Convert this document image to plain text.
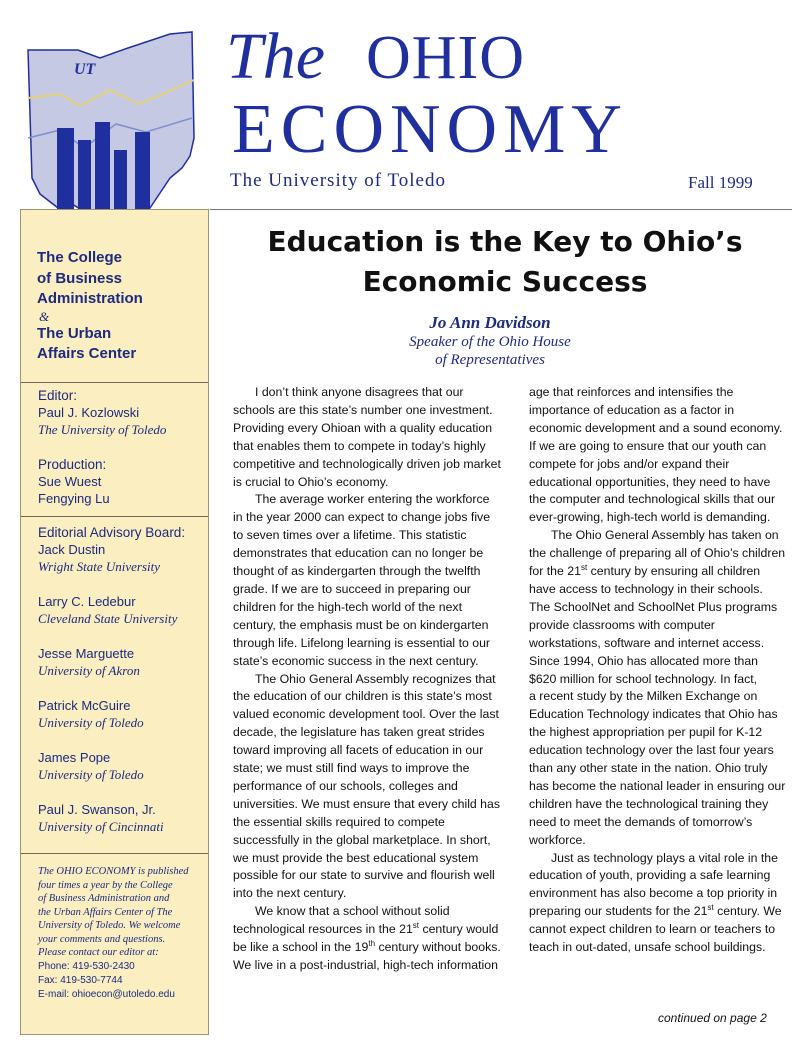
UT The OHIO
ECONOMY
The University of Toledo	Fall 1999
The College
of Business
Administration
&
The Urban
Affairs Center
Editor:
Paul J. Kozlowski
The University of Toledo
Production:
Sue Wuest
Fengying Lu
Editorial Advisory Board:
Jack Dustin
Wright State University
Larry C. Ledebur
Cleveland State University
Jesse Marguette
University of Akron
Patrick McGuire
University of Toledo
James Pope
University of Toledo
Paul J. Swanson, Jr.
University of Cincinnati
The OHIO ECONOMY is published
four times a year by the College
of Business Administration and
the Urban Affairs Center of The
University of Toledo. We welcome
your comments and questions.
Please contact our editor at:
Phone: 419-530-2430
Fax: 419-530-7744
E-mail: ohioecon@utoledo.edu
Education is the Key to Ohio’s
Economic Success
Jo Ann Davidson
Speaker of the Ohio House
of Representatives
I don’t think anyone disagrees that our
schools are this state’s number one investment.
Providing every Ohioan with a quality education
that enables them to compete in today’s highly
competitive and technologically driven job market
is crucial to Ohio’s economy.
The average worker entering the workforce
in the year 2000 can expect to change jobs five
to seven times over a lifetime. This statistic
demonstrates that education can no longer be
thought of as kindergarten through the twelfth
grade. If we are to succeed in preparing our
children for the high-tech world of the next
century, the emphasis must be on kindergarten
through life. Lifelong learning is essential to our
state’s economic success in the next century.
The Ohio General Assembly recognizes that
the education of our children is this state’s most
valued economic development tool. Over the last
decade, the legislature has taken great strides
toward improving all facets of education in our
state; we must still find ways to improve the
performance of our schools, colleges and
universities. We must ensure that every child has
the essential skills required to compete
successfully in the global marketplace. In short,
we must provide the best educational system
possible for our state to survive and flourish well
into the next century.
We know that a school without solid
technological resources in the 21st century would
be like a school in the 19th century without books.
We live in a post-industrial, high-tech information
age that reinforces and intensifies the
importance of education as a factor in
economic development and a sound economy.
If we are going to ensure that our youth can
compete for jobs and/or expand their
educational opportunities, they need to have
the computer and technological skills that our
ever-growing, high-tech world is demanding.
The Ohio General Assembly has taken on
the challenge of preparing all of Ohio’s children
for the 21st century by ensuring all children
have access to technology in their schools.
The SchoolNet and SchoolNet Plus programs
provide classrooms with computer
workstations, software and internet access.
Since 1994, Ohio has allocated more than
$620 million for school technology. In fact,
a recent study by the Milken Exchange on
Education Technology indicates that Ohio has
the highest appropriation per pupil for K-12
education technology over the last four years
than any other state in the nation. Ohio truly
has become the national leader in ensuring our
children have the technological training they
need to meet the demands of tomorrow’s
workforce.
Just as technology plays a vital role in the
education of youth, providing a safe learning
environment has also become a top priority in
preparing our students for the 21st century. We
cannot expect children to learn or teachers to
teach in out-dated, unsafe school buildings.
continued on page 2
